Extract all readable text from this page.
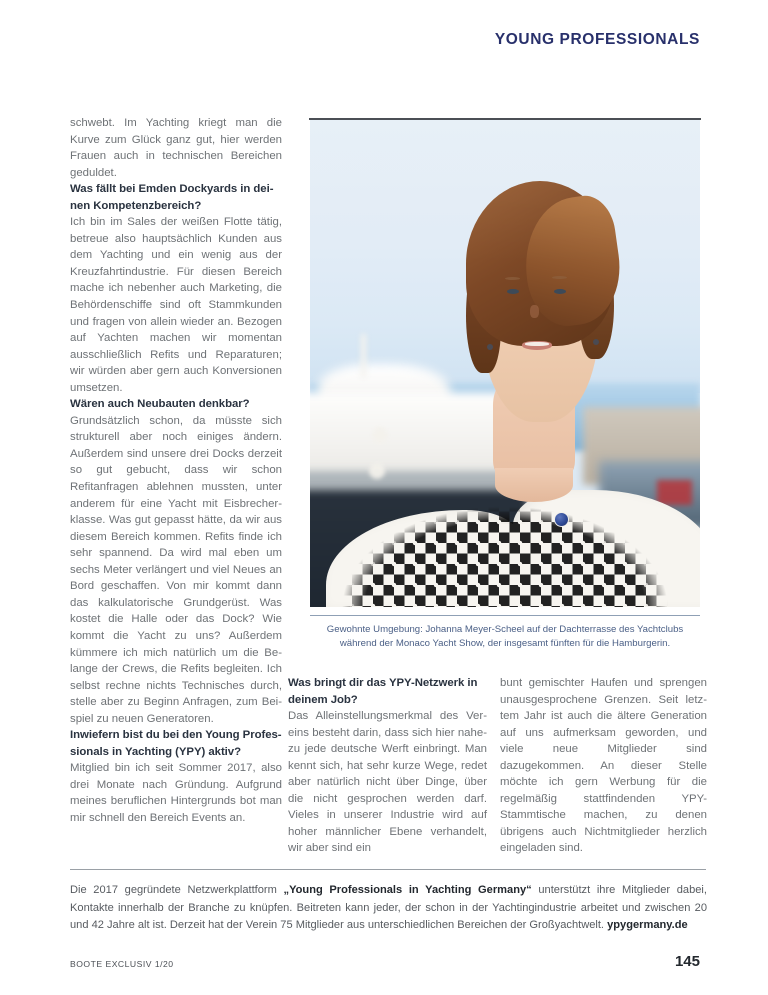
YOUNG PROFESSIONALS

schwebt. Im Yachting kriegt man die Kurve zum Glück ganz gut, hier werden Frauen auch in technischen Bereichen geduldet.

Was fällt bei Emden Dockyards in deinen Kompetenzbereich?

Ich bin im Sales der weißen Flotte tätig, betreue also hauptsächlich Kunden aus dem Yachting und ein wenig aus der Kreuzfahrtindustrie. Für diesen Bereich mache ich nebenher auch Marketing, die Behördenschiffe sind oft Stammkunden und fragen von allein wieder an. Bezogen auf Yachten machen wir momentan ausschließlich Refits und Reparaturen; wir würden aber gern auch Konversionen umsetzen.

Wären auch Neubauten denkbar?

Grundsätzlich schon, da müsste sich strukturell aber noch einiges ändern. Außerdem sind unsere drei Docks derzeit so gut gebucht, dass wir schon Refitanfragen ablehnen mussten, unter anderem für eine Yacht mit Eisbrecherklasse. Was gut gepasst hätte, da wir aus diesem Bereich kommen. Refits finde ich sehr spannend. Da wird mal eben um sechs Meter verlängert und viel Neues an Bord geschaffen. Von mir kommt dann das kalkulatorische Grundgerüst. Was kostet die Halle oder das Dock? Wie kommt die Yacht zu uns? Außerdem kümmere ich mich natürlich um die Belange der Crews, die Refits begleiten. Ich selbst rechne nichts Technisches durch, stelle aber zu Beginn Anfragen, zum Beispiel zu neuen Generatoren.

Inwiefern bist du bei den Young Professionals in Yachting (YPY) aktiv?

Mitglied bin ich seit Sommer 2017, also drei Monate nach Gründung. Aufgrund meines beruflichen Hintergrunds bot man mir schnell den Bereich Events an.

Gewohnte Umgebung: Johanna Meyer-Scheel auf der Dachterrasse des Yachtclubs während der Monaco Yacht Show, der insgesamt fünften für die Hamburgerin.

Was bringt dir das YPY-Netzwerk in deinem Job?

Das Alleinstellungsmerkmal des Vereins besteht darin, dass sich hier nahezu jede deutsche Werft einbringt. Man kennt sich, hat sehr kurze Wege, redet aber natürlich nicht über Dinge, über die nicht gesprochen werden darf. Vieles in unserer Industrie wird auf hoher männlicher Ebene verhandelt, wir aber sind ein

bunt gemischter Haufen und sprengen unausgesprochene Grenzen. Seit letztem Jahr ist auch die ältere Generation auf uns aufmerksam geworden, und viele neue Mitglieder sind dazugekommen. An dieser Stelle möchte ich gern Werbung für die regelmäßig stattfindenden YPY-Stammtische machen, zu denen übrigens auch Nichtmitglieder herzlich eingeladen sind.

Die 2017 gegründete Netzwerkplattform „Young Professionals in Yachting Germany“ unterstützt ihre Mitglieder dabei, Kontakte innerhalb der Branche zu knüpfen. Beitreten kann jeder, der schon in der Yachtingindustrie arbeitet und zwischen 20 und 42 Jahre alt ist. Derzeit hat der Verein 75 Mitglieder aus unterschiedlichen Bereichen der Großyachtwelt. ypygermany.de
BOOTE EXCLUSIV 1/20	145
